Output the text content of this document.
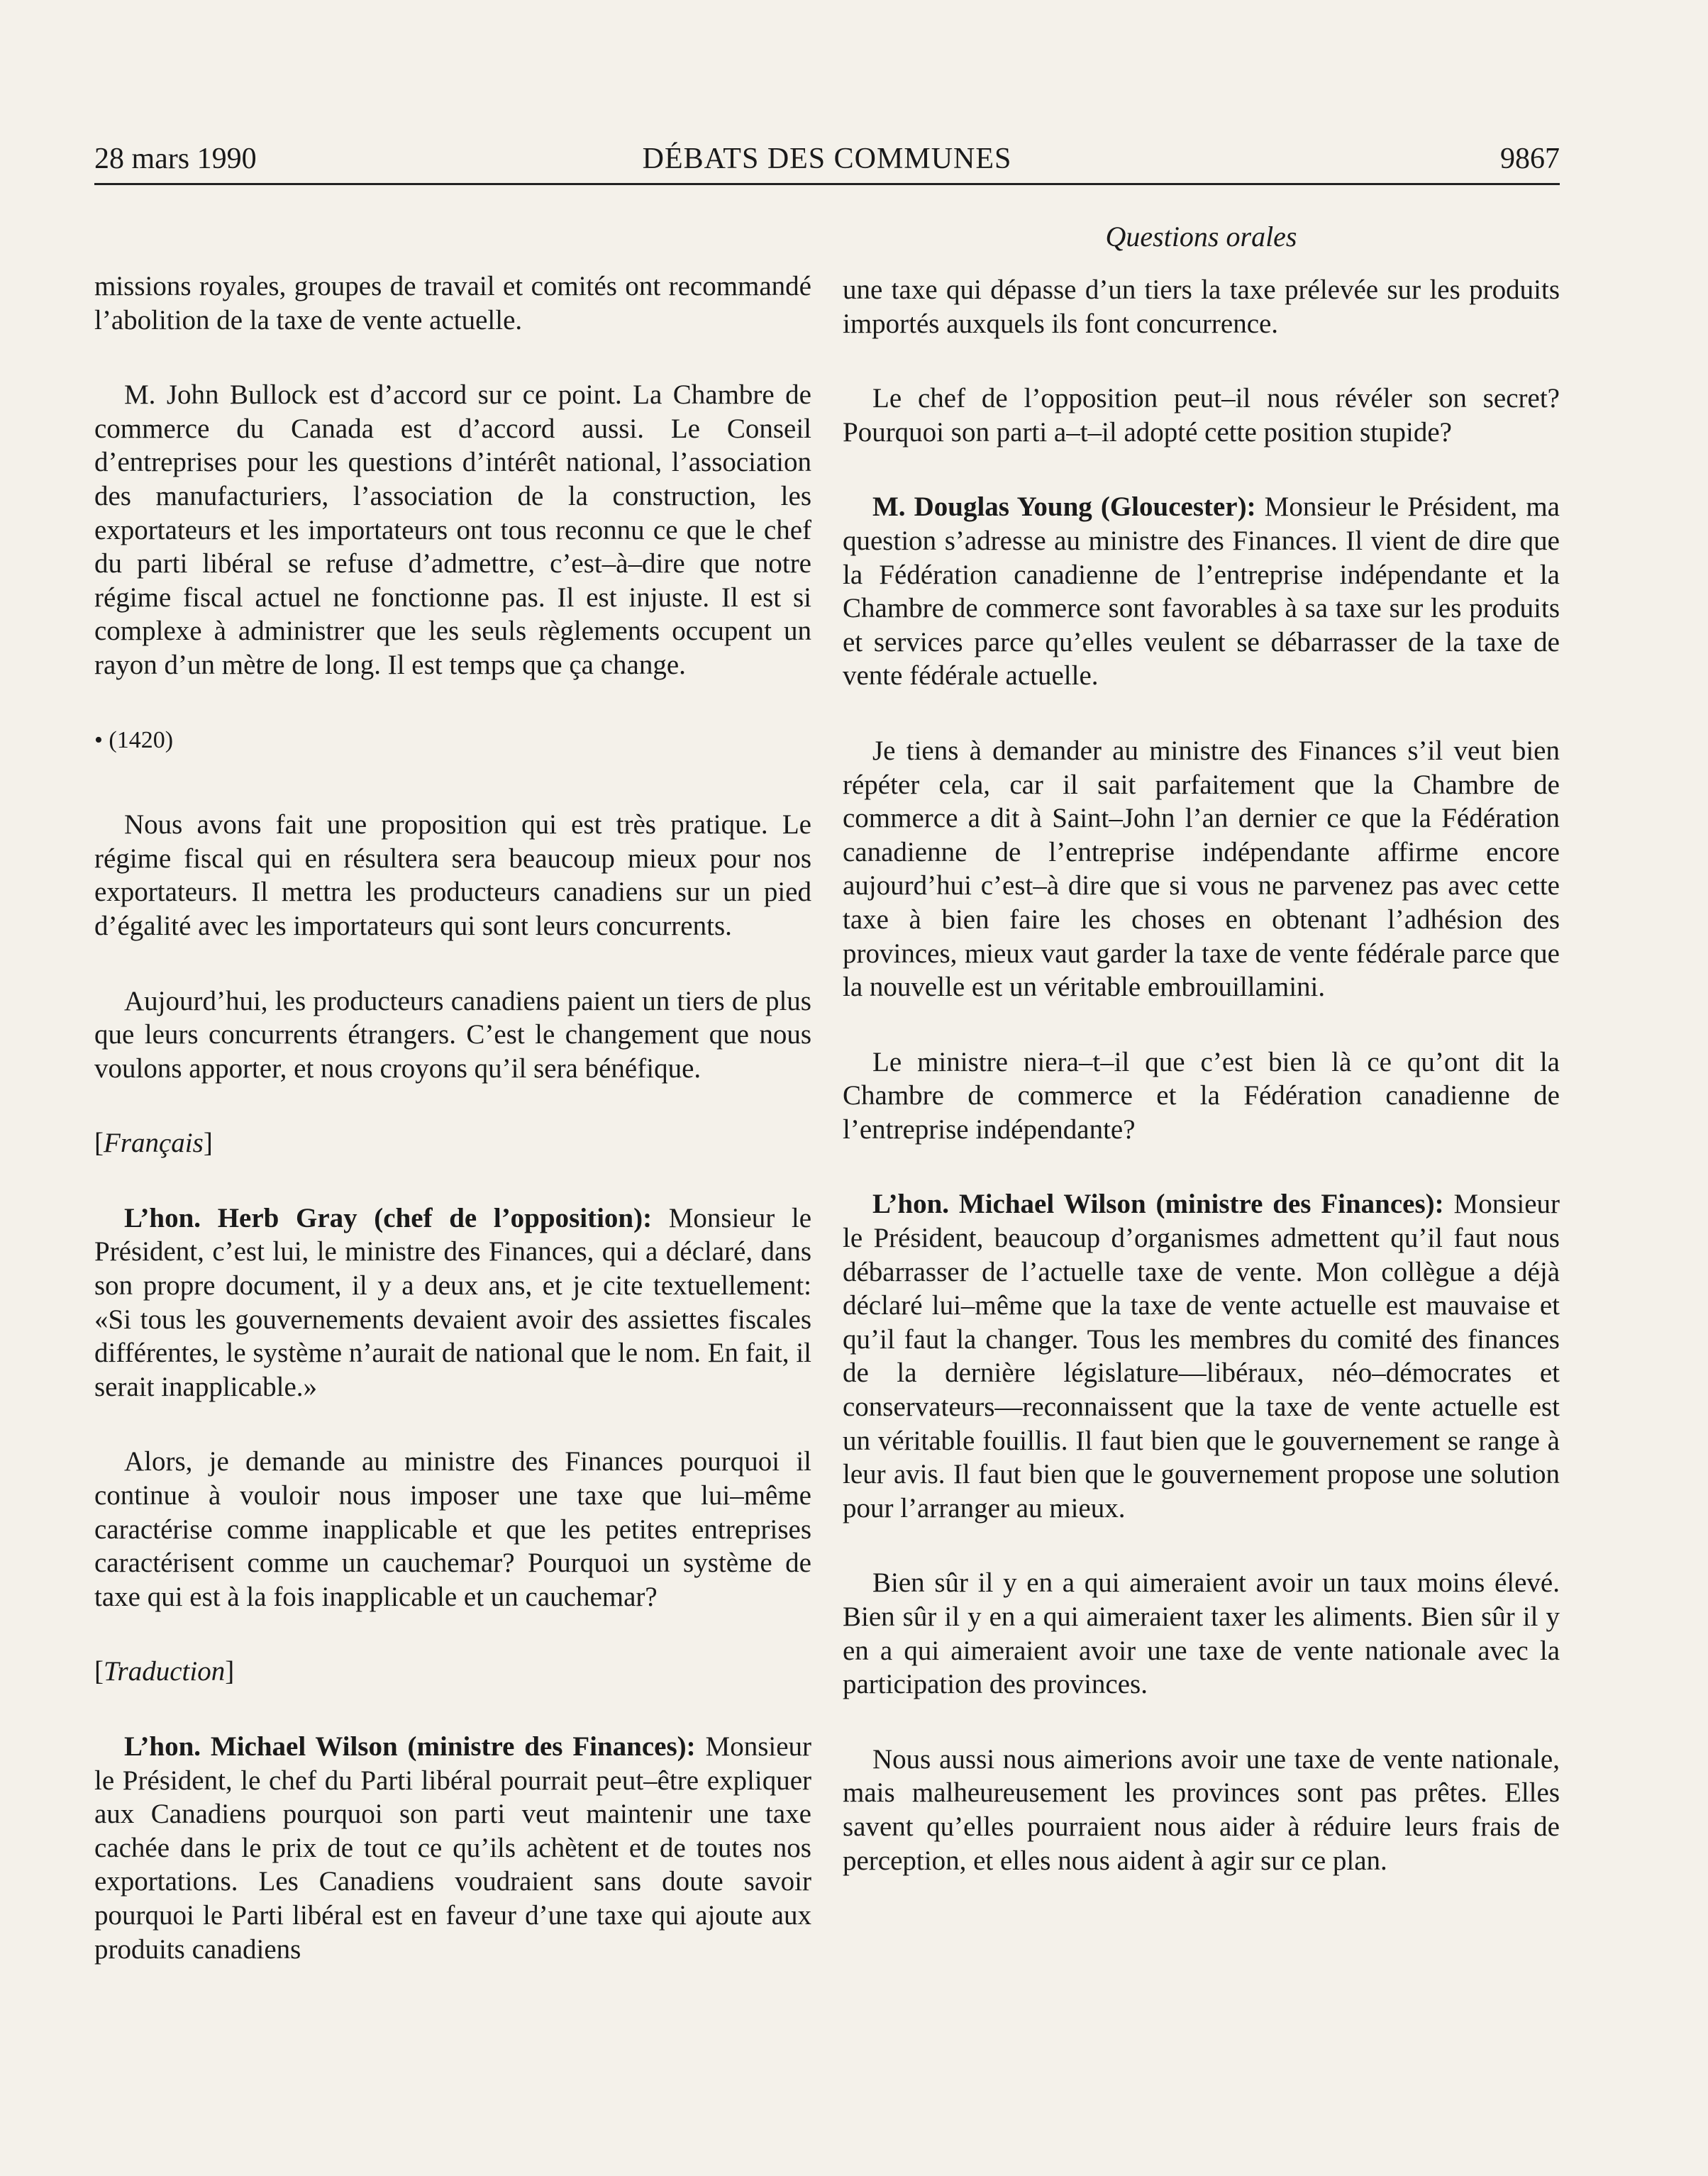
28 mars 1990	DÉBATS DES COMMUNES	9867
Questions orales

missions royales, groupes de travail et comités ont recommandé l’abolition de la taxe de vente actuelle.

M. John Bullock est d’accord sur ce point. La Chambre de commerce du Canada est d’accord aussi. Le Conseil d’entreprises pour les questions d’intérêt national, l’association des manufacturiers, l’association de la construction, les exportateurs et les importateurs ont tous reconnu ce que le chef du parti libéral se refuse d’admettre, c’est–à–dire que notre régime fiscal actuel ne fonctionne pas. Il est injuste. Il est si complexe à administrer que les seuls règlements occupent un rayon d’un mètre de long. Il est temps que ça change.

• (1420)

Nous avons fait une proposition qui est très pratique. Le régime fiscal qui en résultera sera beaucoup mieux pour nos exportateurs. Il mettra les producteurs canadiens sur un pied d’égalité avec les importateurs qui sont leurs concurrents.

Aujourd’hui, les producteurs canadiens paient un tiers de plus que leurs concurrents étrangers. C’est le changement que nous voulons apporter, et nous croyons qu’il sera bénéfique.

[Français]

L’hon. Herb Gray (chef de l’opposition): Monsieur le Président, c’est lui, le ministre des Finances, qui a déclaré, dans son propre document, il y a deux ans, et je cite textuellement: «Si tous les gouvernements devaient avoir des assiettes fiscales différentes, le système n’aurait de national que le nom. En fait, il serait inapplicable.»

Alors, je demande au ministre des Finances pourquoi il continue à vouloir nous imposer une taxe que lui–même caractérise comme inapplicable et que les petites entreprises caractérisent comme un cauchemar? Pourquoi un système de taxe qui est à la fois inapplicable et un cauchemar?

[Traduction]

L’hon. Michael Wilson (ministre des Finances): Monsieur le Président, le chef du Parti libéral pourrait peut–être expliquer aux Canadiens pourquoi son parti veut maintenir une taxe cachée dans le prix de tout ce qu’ils achètent et de toutes nos exportations. Les Canadiens voudraient sans doute savoir pourquoi le Parti libéral est en faveur d’une taxe qui ajoute aux produits canadiens

une taxe qui dépasse d’un tiers la taxe prélevée sur les produits importés auxquels ils font concurrence.

Le chef de l’opposition peut–il nous révéler son secret? Pourquoi son parti a–t–il adopté cette position stupide?

M. Douglas Young (Gloucester): Monsieur le Président, ma question s’adresse au ministre des Finances. Il vient de dire que la Fédération canadienne de l’entreprise indépendante et la Chambre de commerce sont favorables à sa taxe sur les produits et services parce qu’elles veulent se débarrasser de la taxe de vente fédérale actuelle.

Je tiens à demander au ministre des Finances s’il veut bien répéter cela, car il sait parfaitement que la Chambre de commerce a dit à Saint–John l’an dernier ce que la Fédération canadienne de l’entreprise indépendante affirme encore aujourd’hui c’est–à dire que si vous ne parvenez pas avec cette taxe à bien faire les choses en obtenant l’adhésion des provinces, mieux vaut garder la taxe de vente fédérale parce que la nouvelle est un véritable embrouillamini.

Le ministre niera–t–il que c’est bien là ce qu’ont dit la Chambre de commerce et la Fédération canadienne de l’entreprise indépendante?

L’hon. Michael Wilson (ministre des Finances): Monsieur le Président, beaucoup d’organismes admettent qu’il faut nous débarrasser de l’actuelle taxe de vente. Mon collègue a déjà déclaré lui–même que la taxe de vente actuelle est mauvaise et qu’il faut la changer. Tous les membres du comité des finances de la dernière législature—libéraux, néo–démocrates et conservateurs—reconnaissent que la taxe de vente actuelle est un véritable fouillis. Il faut bien que le gouvernement se range à leur avis. Il faut bien que le gouvernement propose une solution pour l’arranger au mieux.

Bien sûr il y en a qui aimeraient avoir un taux moins élevé. Bien sûr il y en a qui aimeraient taxer les aliments. Bien sûr il y en a qui aimeraient avoir une taxe de vente nationale avec la participation des provinces.

Nous aussi nous aimerions avoir une taxe de vente nationale, mais malheureusement les provinces sont pas prêtes. Elles savent qu’elles pourraient nous aider à réduire leurs frais de perception, et elles nous aident à agir sur ce plan.
